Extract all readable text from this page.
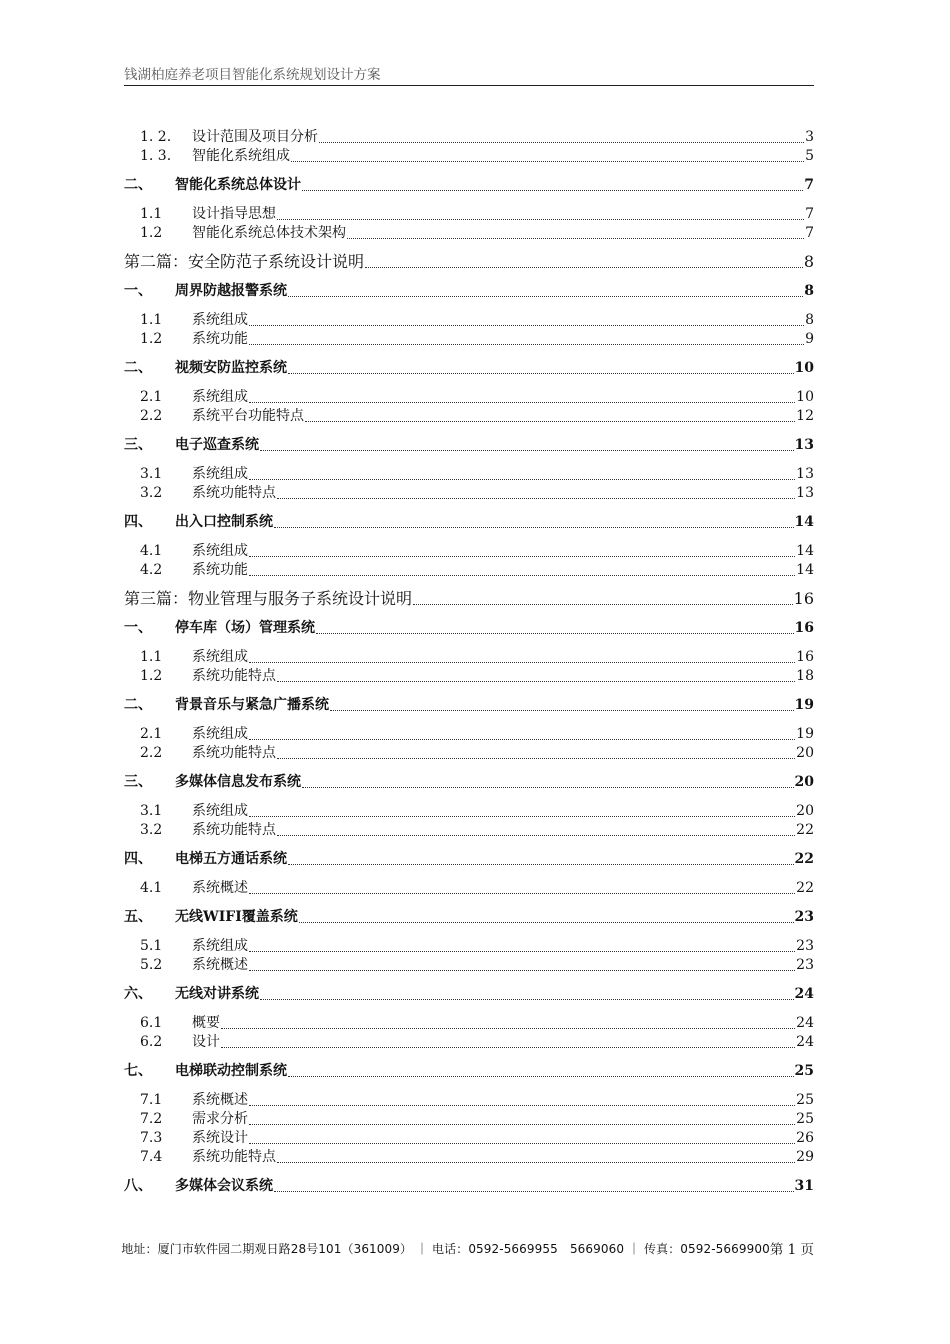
钱湖柏庭养老项目智能化系统规划设计方案
1. 2.	设计范围及项目分析	3
1. 3.	智能化系统组成	5
二、	智能化系统总体设计	7
1.1	设计指导思想	7
1.2	智能化系统总体技术架构	7
第二篇：安全防范子系统设计说明	8
一、	周界防越报警系统	8
1.1	系统组成	8
1.2	系统功能	9
二、	视频安防监控系统	10
2.1	系统组成	10
2.2	系统平台功能特点	12
三、	电子巡查系统	13
3.1	系统组成	13
3.2	系统功能特点	13
四、	出入口控制系统	14
4.1	系统组成	14
4.2	系统功能	14
第三篇：物业管理与服务子系统设计说明	16
一、	停车库（场）管理系统	16
1.1	系统组成	16
1.2	系统功能特点	18
二、	背景音乐与紧急广播系统	19
2.1	系统组成	19
2.2	系统功能特点	20
三、	多媒体信息发布系统	20
3.1	系统组成	20
3.2	系统功能特点	22
四、	电梯五方通话系统	22
4.1	系统概述	22
五、	无线WIFI覆盖系统	23
5.1	系统组成	23
5.2	系统概述	23
六、	无线对讲系统	24
6.1	概要	24
6.2	设计	24
七、	电梯联动控制系统	25
7.1	系统概述	25
7.2	需求分析	25
7.3	系统设计	26
7.4	系统功能特点	29
八、	多媒体会议系统	31
地址：厦门市软件园二期观日路28号101（361009） ｜ 电话：0592-5669955　5669060 ｜ 传真：0592-5669900 第 1 页
